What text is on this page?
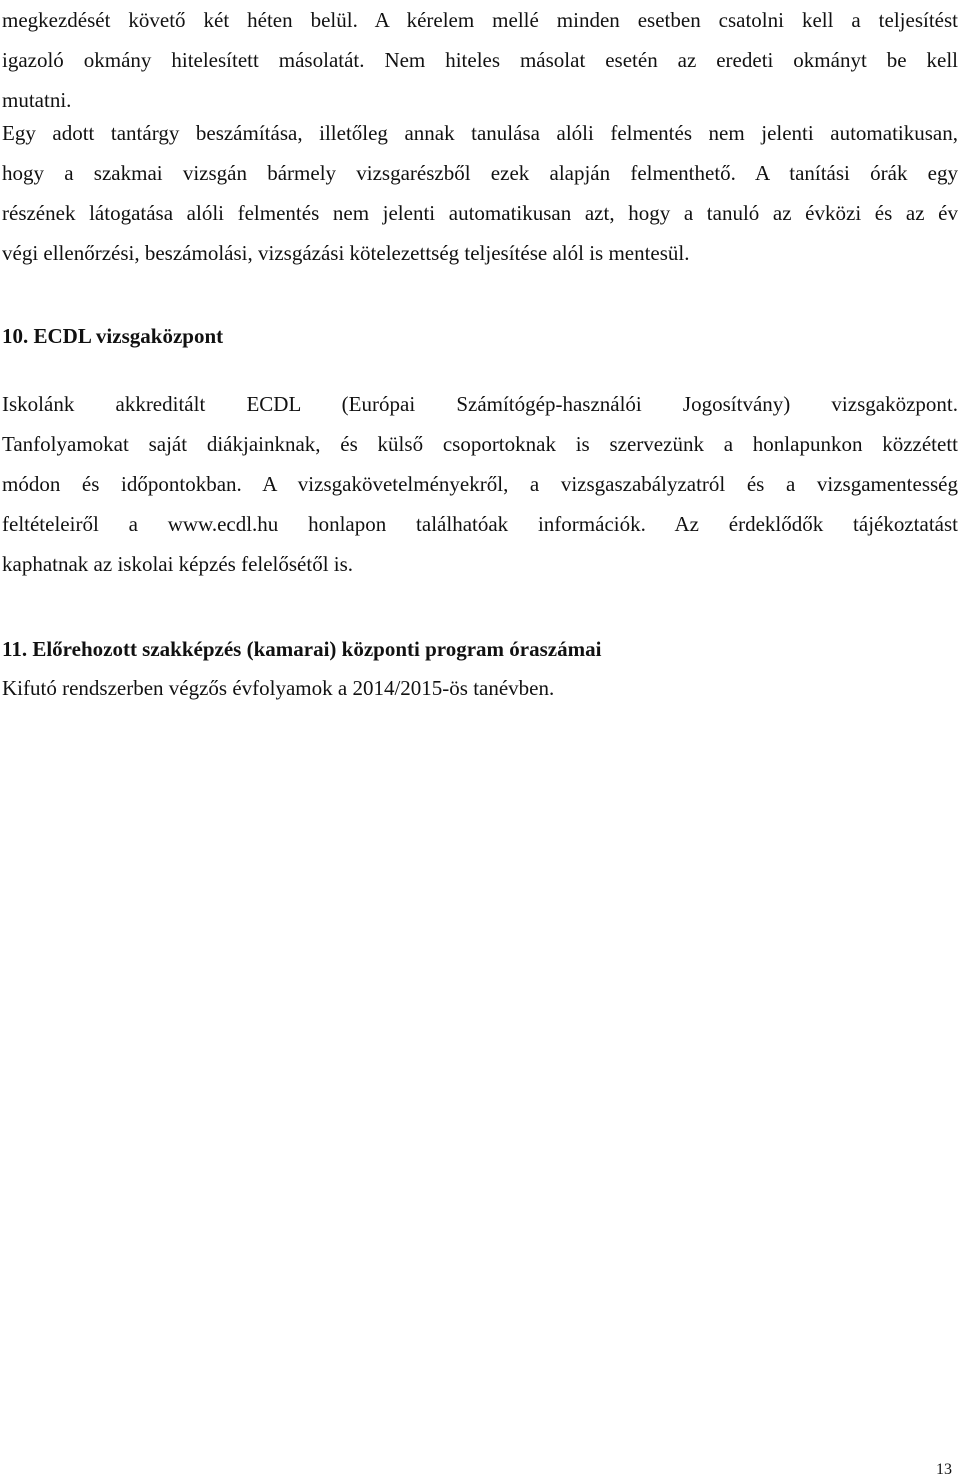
megkezdését követő két héten belül. A kérelem mellé minden esetben csatolni kell a teljesítést
igazoló okmány hitelesített másolatát. Nem hiteles másolat esetén az eredeti okmányt be kell
mutatni.
Egy adott tantárgy beszámítása, illetőleg annak tanulása alóli felmentés nem jelenti automatikusan,
hogy a szakmai vizsgán bármely vizsgarészből ezek alapján felmenthető. A tanítási órák egy
részének látogatása alóli felmentés nem jelenti automatikusan azt, hogy a tanuló az évközi és az év
végi ellenőrzési, beszámolási, vizsgázási kötelezettség teljesítése alól is mentesül.
10. ECDL vizsgaközpont
Iskolánk akkreditált ECDL (Európai Számítógép-használói Jogosítvány) vizsgaközpont.
Tanfolyamokat saját diákjainknak, és külső csoportoknak is szervezünk a honlapunkon közzétett
módon és időpontokban. A vizsgakövetelményekről, a vizsgaszabályzatról és a vizsgamentesség
feltételeiről a www.ecdl.hu honlapon találhatóak információk. Az érdeklődők tájékoztatást
kaphatnak az iskolai képzés felelősétől is.
11. Előrehozott szakképzés (kamarai) központi program óraszámai
Kifutó rendszerben végzős évfolyamok a 2014/2015-ös tanévben.
13
